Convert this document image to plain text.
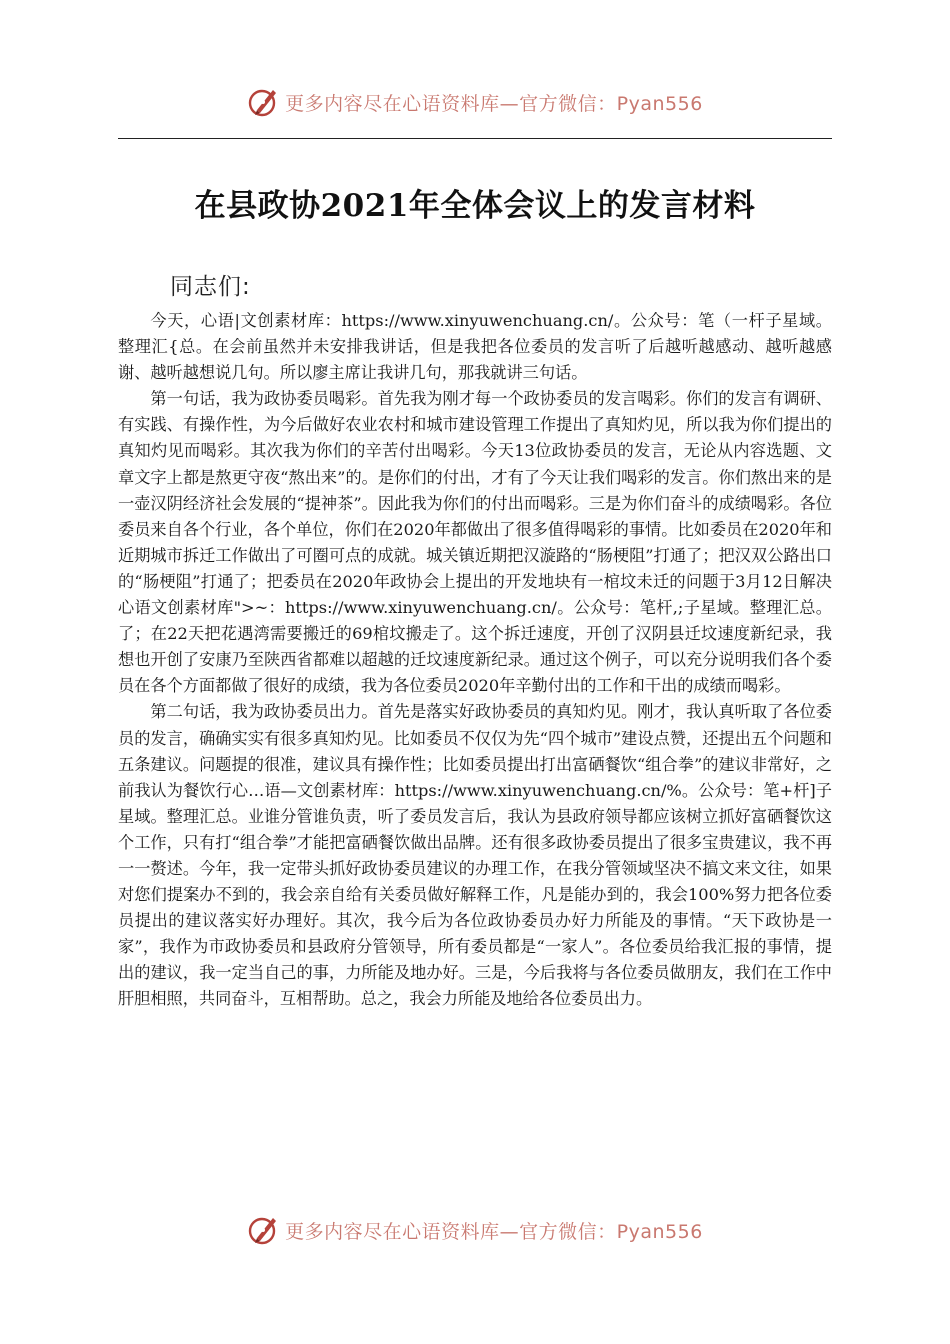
更多内容尽在心语资料库—官方微信：Pyan556
在县政协2021年全体会议上的发言材料
同志们:

今天，心语|文创素材库：https://www.xinyuwenchuang.cn/。公众号：笔（一杆子星域。整理汇{总。在会前虽然并未安排我讲话，但是我把各位委员的发言听了后越听越感动、越听越感谢、越听越想说几句。所以廖主席让我讲几句，那我就讲三句话。

第一句话，我为政协委员喝彩。首先我为刚才每一个政协委员的发言喝彩。你们的发言有调研、有实践、有操作性，为今后做好农业农村和城市建设管理工作提出了真知灼见，所以我为你们提出的真知灼见而喝彩。其次我为你们的辛苦付出喝彩。今天13位政协委员的发言，无论从内容选题、文章文字上都是熬更守夜“熬出来”的。是你们的付出，才有了今天让我们喝彩的发言。你们熬出来的是一壶汉阴经济社会发展的“提神茶”。因此我为你们的付出而喝彩。三是为你们奋斗的成绩喝彩。各位委员来自各个行业，各个单位，你们在2020年都做出了很多值得喝彩的事情。比如委员在2020年和近期城市拆迁工作做出了可圈可点的成就。城关镇近期把汉漩路的“肠梗阻”打通了；把汉双公路出口的“肠梗阻”打通了；把委员在2020年政协会上提出的开发地块有一棺坟未迁的问题于3月12日解决心语文创素材库">~：https://www.xinyuwenchuang.cn/。公众号：笔杆,;子星域。整理汇总。了；在22天把花遇湾需要搬迁的69棺坟搬走了。这个拆迁速度，开创了汉阴县迁坟速度新纪录，我想也开创了安康乃至陕西省都难以超越的迁坟速度新纪录。通过这个例子，可以充分说明我们各个委员在各个方面都做了很好的成绩，我为各位委员2020年辛勤付出的工作和干出的成绩而喝彩。

第二句话，我为政协委员出力。首先是落实好政协委员的真知灼见。刚才，我认真听取了各位委员的发言，确确实实有很多真知灼见。比如委员不仅仅为先“四个城市”建设点赞，还提出五个问题和五条建议。问题提的很准，建议具有操作性；比如委员提出打出富硒餐饮“组合拳”的建议非常好，之前我认为餐饮行心…语—文创素材库：https://www.xinyuwenchuang.cn/%。公众号：笔+杆]子星域。整理汇总。业谁分管谁负责，听了委员发言后，我认为县政府领导都应该树立抓好富硒餐饮这个工作，只有打“组合拳”才能把富硒餐饮做出品牌。还有很多政协委员提出了很多宝贵建议，我不再一一赘述。今年，我一定带头抓好政协委员建议的办理工作，在我分管领域坚决不搞文来文往，如果对您们提案办不到的，我会亲自给有关委员做好解释工作，凡是能办到的，我会100%努力把各位委员提出的建议落实好办理好。其次，我今后为各位政协委员办好力所能及的事情。“天下政协是一家”，我作为市政协委员和县政府分管领导，所有委员都是“一家人”。各位委员给我汇报的事情，提出的建议，我一定当自己的事，力所能及地办好。三是，今后我将与各位委员做朋友，我们在工作中肝胆相照，共同奋斗，互相帮助。总之，我会力所能及地给各位委员出力。

更多内容尽在心语资料库—官方微信：Pyan556
